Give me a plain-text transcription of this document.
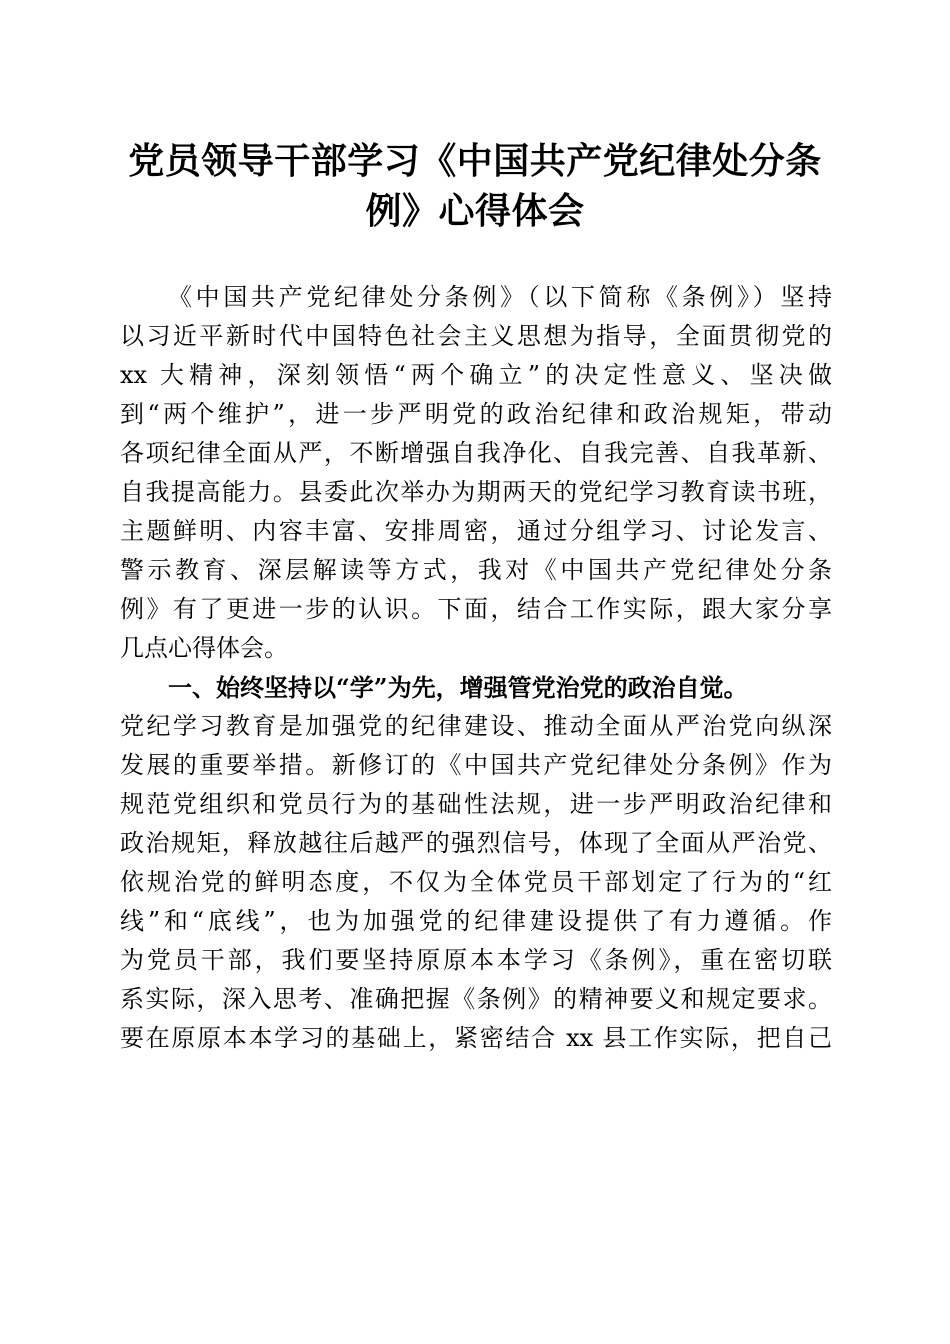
党员领导干部学习《中国共产党纪律处分条
例》心得体会
《中国共产党纪律处分条例》（以下简称《条例》）坚持
以习近平新时代中国特色社会主义思想为指导，全面贯彻党的
xx 大精神，深刻领悟“两个确立”的决定性意义、坚决做
到“两个维护”，进一步严明党的政治纪律和政治规矩，带动
各项纪律全面从严，不断增强自我净化、自我完善、自我革新、
自我提高能力。县委此次举办为期两天的党纪学习教育读书班，
主题鲜明、内容丰富、安排周密，通过分组学习、讨论发言、
警示教育、深层解读等方式，我对《中国共产党纪律处分条
例》有了更进一步的认识。下面，结合工作实际，跟大家分享
几点心得体会。
一、始终坚持以“学”为先，增强管党治党的政治自觉。
党纪学习教育是加强党的纪律建设、推动全面从严治党向纵深
发展的重要举措。新修订的《中国共产党纪律处分条例》作为
规范党组织和党员行为的基础性法规，进一步严明政治纪律和
政治规矩，释放越往后越严的强烈信号，体现了全面从严治党、
依规治党的鲜明态度，不仅为全体党员干部划定了行为的“红
线”和“底线”，也为加强党的纪律建设提供了有力遵循。作
为党员干部，我们要坚持原原本本学习《条例》，重在密切联
系实际，深入思考、准确把握《条例》的精神要义和规定要求。
要在原原本本学习的基础上，紧密结合 xx 县工作实际，把自己
